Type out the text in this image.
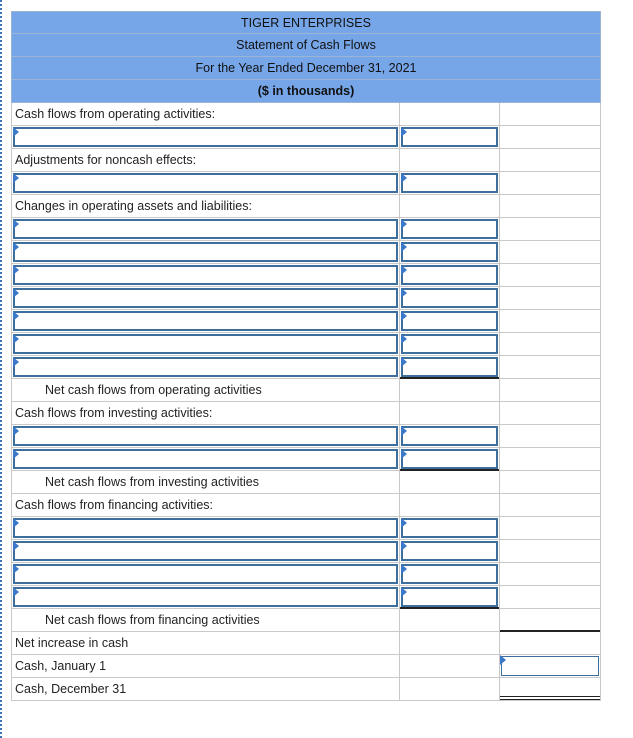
TIGER ENTERPRISES
Statement of Cash Flows
For the Year Ended December 31, 2021
($ in thousands)
Cash flows from operating activities:
Adjustments for noncash effects:
Changes in operating assets and liabilities:
Net cash flows from operating activities
Cash flows from investing activities:
Net cash flows from investing activities
Cash flows from financing activities:
Net cash flows from financing activities
Net increase in cash
Cash, January 1
Cash, December 31
